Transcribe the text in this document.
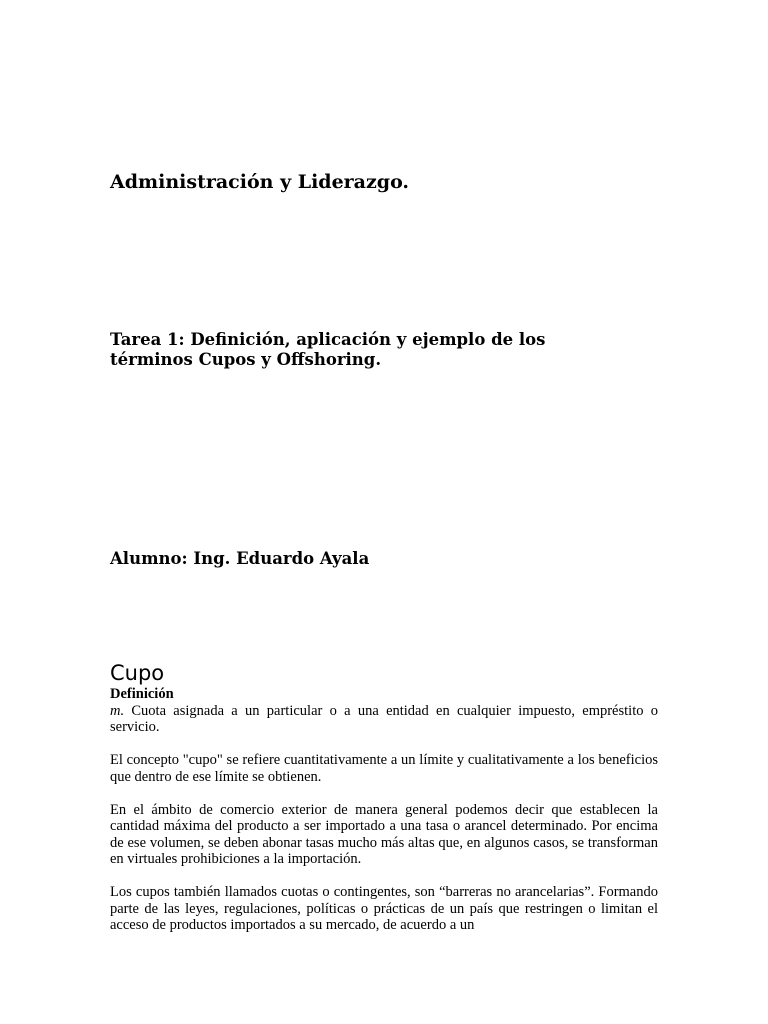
Administración y Liderazgo.
Tarea 1: Definición, aplicación y ejemplo de los
términos Cupos y Offshoring.
Alumno: Ing. Eduardo Ayala
Cupo

Definición

m. Cuota asignada a un particular o a una entidad en cualquier impuesto, empréstito o servicio.

El concepto "cupo" se refiere cuantitativamente a un límite y cualitativamente a los beneficios que dentro de ese límite se obtienen.

En el ámbito de comercio exterior de manera general podemos decir que establecen la cantidad máxima del producto a ser importado a una tasa o arancel determinado. Por encima de ese volumen, se deben abonar tasas mucho más altas que, en algunos casos, se transforman en virtuales prohibiciones a la importación.

Los cupos también llamados cuotas o contingentes, son “barreras no arancelarias”. Formando parte de las leyes, regulaciones, políticas o prácticas de un país que restringen o limitan el acceso de productos importados a su mercado, de acuerdo a un
